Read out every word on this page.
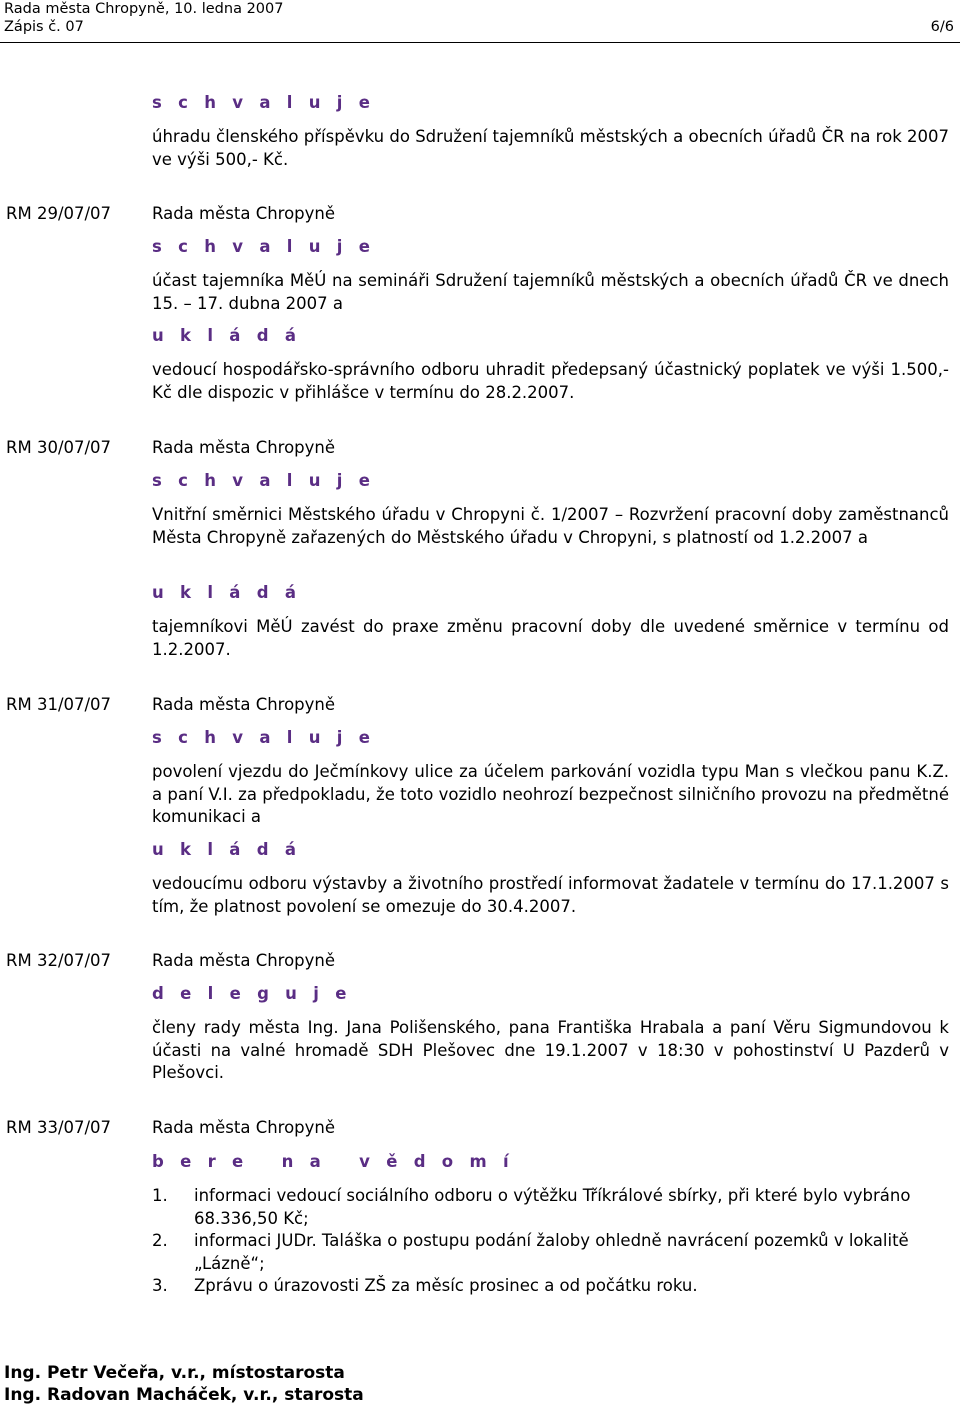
Rada města Chropyně, 10. ledna 2007
Zápis č. 07	6/6
s c h v a l u j e
úhradu členského příspěvku do Sdružení tajemníků městských a obecních úřadů ČR na rok 2007 ve výši 500,- Kč.
RM 29/07/07 Rada města Chropyně
s c h v a l u j e
účast tajemníka MěÚ na semináři Sdružení tajemníků městských a obecních úřadů ČR ve dnech 15. – 17. dubna 2007 a
u k l á d á
vedoucí hospodářsko-správního odboru uhradit předepsaný účastnický poplatek ve výši 1.500,- Kč dle dispozic v přihlášce v termínu do 28.2.2007.
RM 30/07/07 Rada města Chropyně
s c h v a l u j e
Vnitřní směrnici Městského úřadu v Chropyni č. 1/2007 – Rozvržení pracovní doby zaměstnanců Města Chropyně zařazených do Městského úřadu v Chropyni, s platností od 1.2.2007 a
u k l á d á
tajemníkovi MěÚ zavést do praxe změnu pracovní doby dle uvedené směrnice v termínu od 1.2.2007.
RM 31/07/07 Rada města Chropyně
s c h v a l u j e
povolení vjezdu do Ječmínkovy ulice za účelem parkování vozidla typu Man s vlečkou panu K.Z. a paní V.I. za předpokladu, že toto vozidlo neohrozí bezpečnost silničního provozu na předmětné komunikaci a
u k l á d á
vedoucímu odboru výstavby a životního prostředí informovat žadatele v termínu do 17.1.2007 s tím, že platnost povolení se omezuje do 30.4.2007.
RM 32/07/07 Rada města Chropyně
d e l e g u j e
členy rady města Ing. Jana Polišenského, pana Františka Hrabala a paní Věru Sigmundovou k účasti na valné hromadě SDH Plešovec dne 19.1.2007 v 18:30 v pohostinství U Pazderů v Plešovci.
RM 33/07/07 Rada města Chropyně
b e r e   n a   v ě d o m í
1. informaci vedoucí sociálního odboru o výtěžku Tříkrálové sbírky, při které bylo vybráno 68.336,50 Kč;
2. informaci JUDr. Taláška o postupu podání žaloby ohledně navrácení pozemků v lokalitě „Lázně“;
3. Zprávu o úrazovosti ZŠ za měsíc prosinec a od počátku roku.
Ing. Petr Večeřa, v.r., místostarosta
Ing. Radovan Macháček, v.r., starosta
